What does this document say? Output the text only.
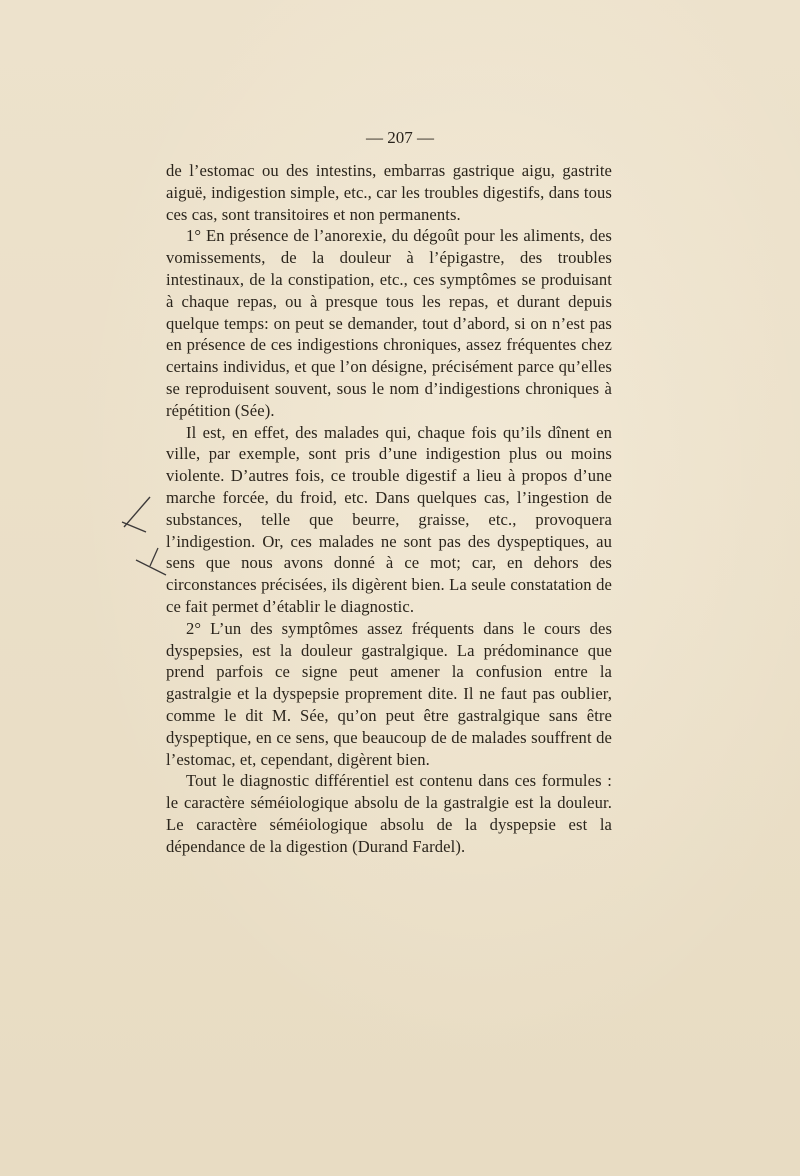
— 207 —

de l’estomac ou des intestins, embarras gastrique aigu, gastrite aiguë, indigestion simple, etc., car les troubles digestifs, dans tous ces cas, sont transitoires et non permanents.

1° En présence de l’anorexie, du dégoût pour les aliments, des vomissements, de la douleur à l’épigastre, des troubles intestinaux, de la constipation, etc., ces symptômes se produisant à chaque repas, ou à presque tous les repas, et durant depuis quelque temps: on peut se demander, tout d’abord, si on n’est pas en présence de ces indigestions chroniques, assez fréquentes chez certains individus, et que l’on désigne, précisément parce qu’elles se reproduisent souvent, sous le nom d’indigestions chroniques à répétition (Sée).

Il est, en effet, des malades qui, chaque fois qu’ils dînent en ville, par exemple, sont pris d’une indigestion plus ou moins violente. D’autres fois, ce trouble digestif a lieu à propos d’une marche forcée, du froid, etc. Dans quelques cas, l’ingestion de substances, telle que beurre, graisse, etc., provoquera l’indigestion. Or, ces malades ne sont pas des dyspeptiques, au sens que nous avons donné à ce mot; car, en dehors des circonstances précisées, ils digèrent bien. La seule constatation de ce fait permet d’établir le diagnostic.

2° L’un des symptômes assez fréquents dans le cours des dyspepsies, est la douleur gastralgique. La prédominance que prend parfois ce signe peut amener la confusion entre la gastralgie et la dyspepsie proprement dite. Il ne faut pas oublier, comme le dit M. Sée, qu’on peut être gastralgique sans être dyspeptique, en ce sens, que beaucoup de de malades souffrent de l’estomac, et, cependant, digèrent bien.

Tout le diagnostic différentiel est contenu dans ces formules : le caractère séméiologique absolu de la gastralgie est la douleur. Le caractère séméiologique absolu de la dyspepsie est la dépendance de la digestion (Durand Fardel).
